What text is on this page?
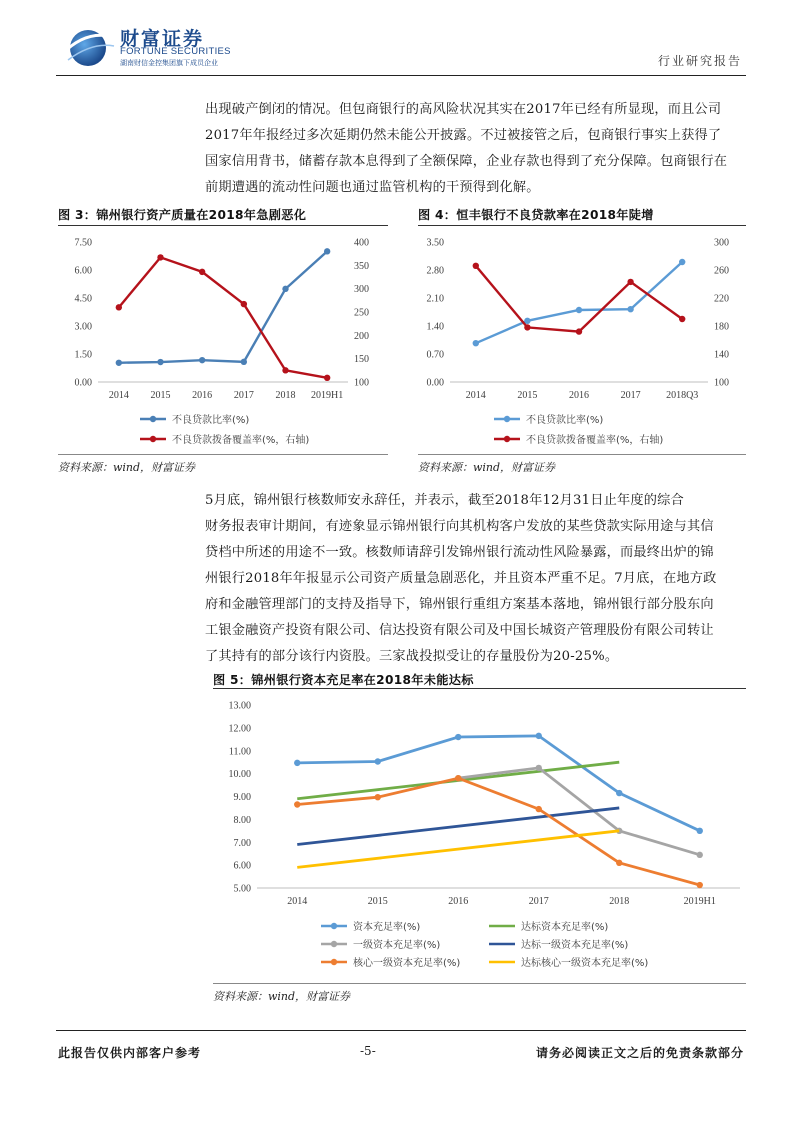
财富证券
FORTUNE SECURITIES
湖南财信金控集团旗下成员企业	行业研究报告

出现破产倒闭的情况。但包商银行的高风险状况其实在2017年已经有所显现，而且公司

2017年年报经过多次延期仍然未能公开披露。不过被接管之后，包商银行事实上获得了

国家信用背书，储蓄存款本息得到了全额保障，企业存款也得到了充分保障。包商银行在

前期遭遇的流动性问题也通过监管机构的干预得到化解。

图 3：锦州银行资产质量在2018年急剧恶化
0.00
1.50
3.00
4.50
6.00
7.50
100
150
200
250
300
350
400
2014 2015 2016 2017 2018 2019H1
不良贷款比率(%)
不良贷款拨备覆盖率(%，右轴)
资料来源：wind，财富证券
图 4：恒丰银行不良贷款率在2018年陡增
0.00
0.70
1.40
2.10
2.80
3.50
100
140
180
220
260
300
2014	2015	2016	2017	2018Q3
不良贷款比率(%)
不良贷款拨备覆盖率(%，右轴)
资料来源：wind，财富证券

5月底，锦州银行核数师安永辞任，并表示，截至2018年12月31日止年度的综合

财务报表审计期间，有迹象显示锦州银行向其机构客户发放的某些贷款实际用途与其信

贷档中所述的用途不一致。核数师请辞引发锦州银行流动性风险暴露，而最终出炉的锦

州银行2018年年报显示公司资产质量急剧恶化，并且资本严重不足。7月底，在地方政

府和金融管理部门的支持及指导下，锦州银行重组方案基本落地，锦州银行部分股东向

工银金融资产投资有限公司、信达投资有限公司及中国长城资产管理股份有限公司转让

了其持有的部分该行内资股。三家战投拟受让的存量股份为20-25%。

图 5：锦州银行资本充足率在2018年未能达标
5.00
6.00
7.00
8.00
9.00
10.00
11.00
12.00
13.00
2014	2015	2016	2017	2018	2019H1
资本充足率(%)	达标资本充足率(%)
一级资本充足率(%)	达标一级资本充足率(%)
核心一级资本充足率(%)	达标核心一级资本充足率(%)
资料来源：wind，财富证券
此报告仅供内部客户参考	-5-	请务必阅读正文之后的免责条款部分
